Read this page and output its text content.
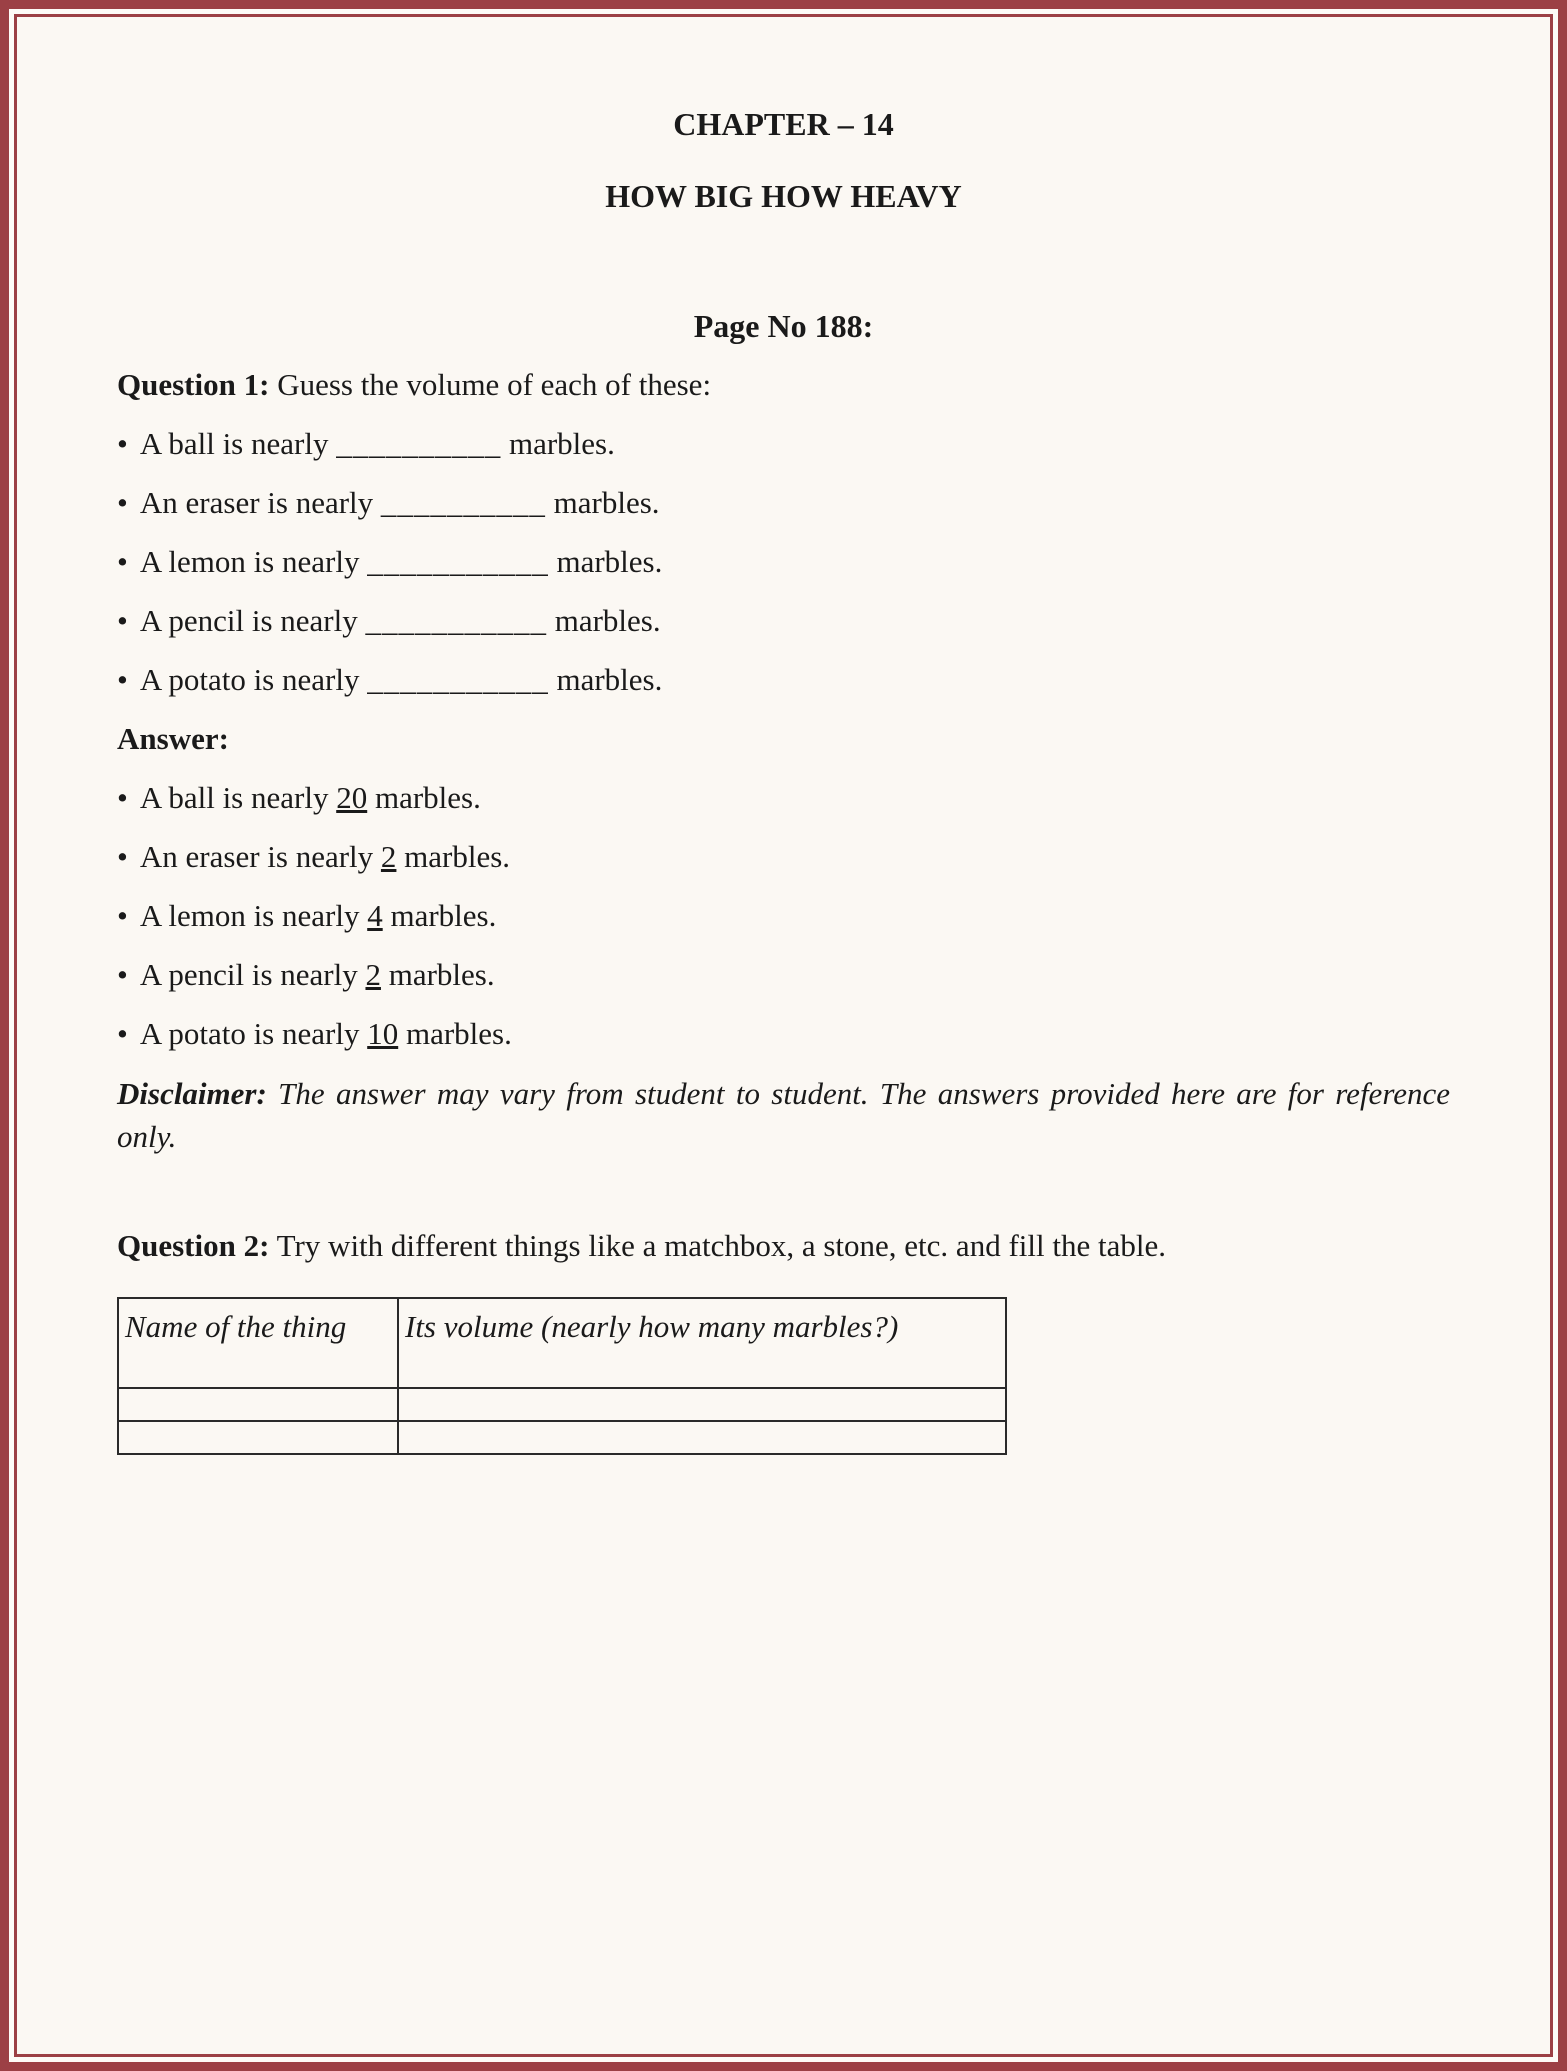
CHAPTER – 14
HOW BIG HOW HEAVY
Page No 188:

Question 1: Guess the volume of each of these:

• A ball is nearly __________ marbles.

• An eraser is nearly __________ marbles.

• A lemon is nearly ___________ marbles.

• A pencil is nearly ___________ marbles.

• A potato is nearly ___________ marbles.

Answer:

• A ball is nearly 20 marbles.

• An eraser is nearly 2 marbles.

• A lemon is nearly 4 marbles.

• A pencil is nearly 2 marbles.

• A potato is nearly 10 marbles.

Disclaimer: The answer may vary from student to student. The answers provided here are for reference only.

Question 2: Try with different things like a matchbox, a stone, etc. and fill the table.

Name of the thing	Its volume (nearly how many marbles?)
